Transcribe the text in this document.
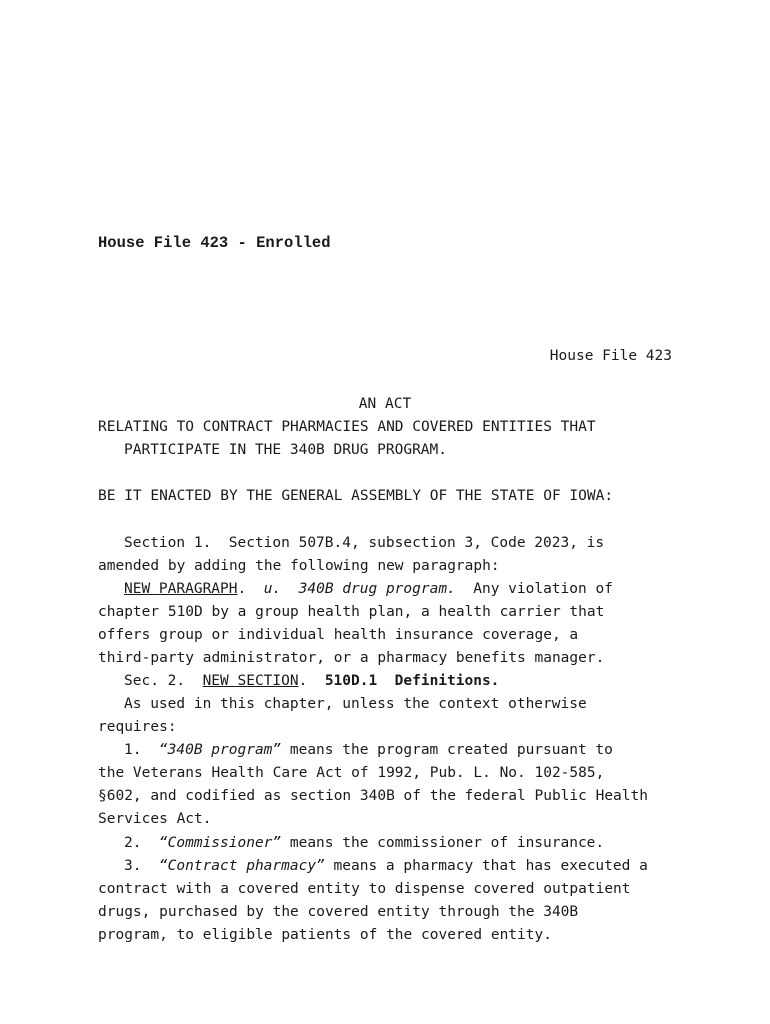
House File 423 - Enrolled
House File 423
AN ACT
RELATING TO CONTRACT PHARMACIES AND COVERED ENTITIES THAT
PARTICIPATE IN THE 340B DRUG PROGRAM.
BE IT ENACTED BY THE GENERAL ASSEMBLY OF THE STATE OF IOWA:
Section 1.  Section 507B.4, subsection 3, Code 2023, is
amended by adding the following new paragraph:
NEW PARAGRAPH.  u. 340B drug program.  Any violation of
chapter 510D by a group health plan, a health carrier that
offers group or individual health insurance coverage, a
third-party administrator, or a pharmacy benefits manager.
Sec. 2.  NEW SECTION.  510D.1  Definitions.
As used in this chapter, unless the context otherwise
requires:
1.  “340B program” means the program created pursuant to
the Veterans Health Care Act of 1992, Pub. L. No. 102-585,
§602, and codified as section 340B of the federal Public Health
Services Act.
2.  “Commissioner” means the commissioner of insurance.
3.  “Contract pharmacy” means a pharmacy that has executed a
contract with a covered entity to dispense covered outpatient
drugs, purchased by the covered entity through the 340B
program, to eligible patients of the covered entity.
